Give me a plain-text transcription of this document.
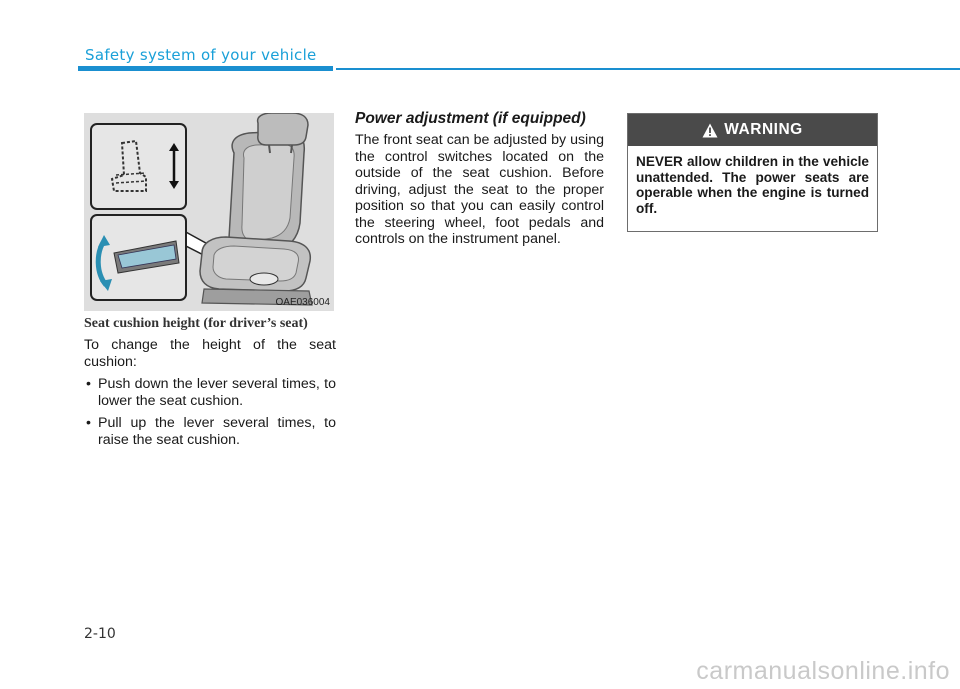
Safety system of your vehicle
OAE036004
Seat cushion height (for driver’s seat)
To change the height of the seat cushion:
• Push down the lever several times, to lower the seat cushion.
• Pull up the lever several times, to raise the seat cushion.
Power adjustment (if equipped)
The front seat can be adjusted by using the control switches located on the outside of the seat cushion. Before driving, adjust the seat to the proper position so that you can easily control the steering wheel, foot pedals and controls on the instrument panel.
WARNING
NEVER allow children in the vehicle unattended. The power seats are operable when the engine is turned off.
2-10
carmanualsonline.info
